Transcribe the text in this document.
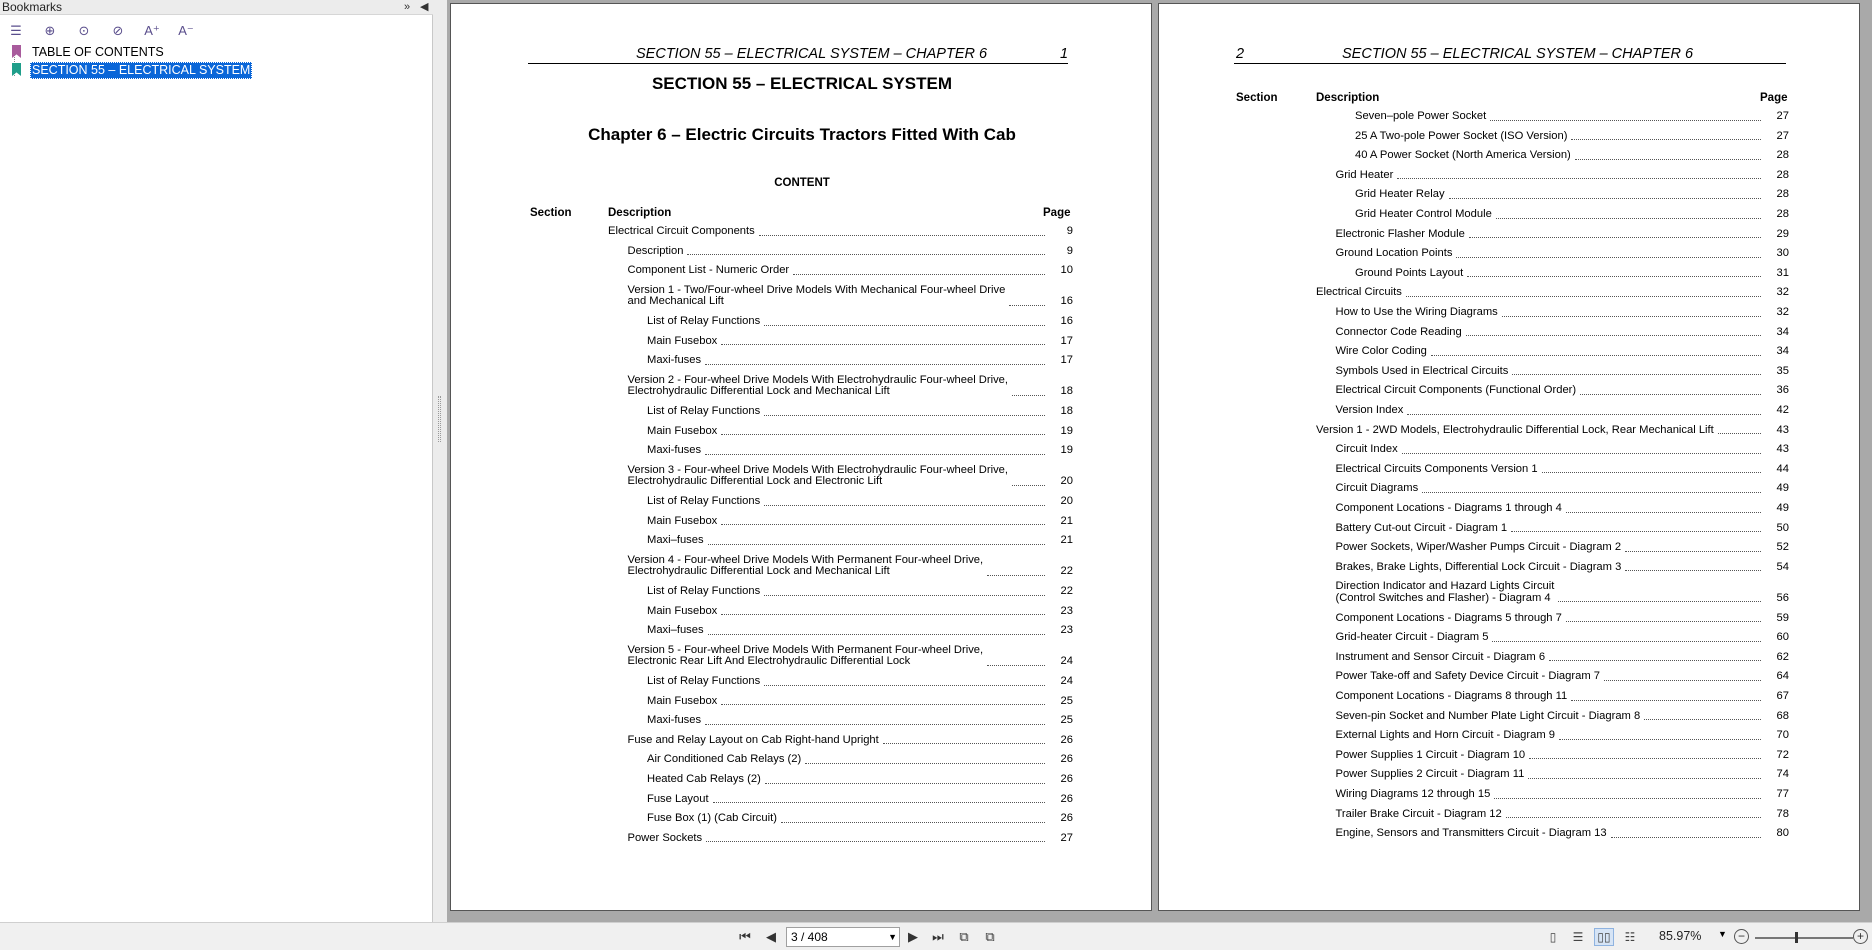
Bookmarks	» ◀
☰	⊕	⊙	⊘	A⁺	A⁻
TABLE OF CONTENTS
SECTION 55 – ELECTRICAL SYSTEM
SECTION 55 – ELECTRICAL SYSTEM – CHAPTER 6	1
SECTION 55 – ELECTRICAL SYSTEM
Chapter 6 – Electric Circuits Tractors Fitted With Cab
CONTENT
Section	Description	Page
Electrical Circuit Components	9
Description	9
Component List - Numeric Order	10
Version 1 - Two/Four-wheel Drive Models With Mechanical Four-wheel Drive
and Mechanical Lift	16
List of Relay Functions	16
Main Fusebox	17
Maxi-fuses	17
Version 2 - Four-wheel Drive Models With Electrohydraulic Four-wheel Drive,
Electrohydraulic Differential Lock and Mechanical Lift	18
List of Relay Functions	18
Main Fusebox	19
Maxi-fuses	19
Version 3 - Four-wheel Drive Models With Electrohydraulic Four-wheel Drive,
Electrohydraulic Differential Lock and Electronic Lift	20
List of Relay Functions	20
Main Fusebox	21
Maxi–fuses	21
Version 4 - Four-wheel Drive Models With Permanent Four-wheel Drive,
Electrohydraulic Differential Lock and Mechanical Lift	22
List of Relay Functions	22
Main Fusebox	23
Maxi–fuses	23
Version 5 - Four-wheel Drive Models With Permanent Four-wheel Drive,
Electronic Rear Lift And Electrohydraulic Differential Lock	24
List of Relay Functions	24
Main Fusebox	25
Maxi-fuses	25
Fuse and Relay Layout on Cab Right-hand Upright	26
Air Conditioned Cab Relays (2)	26
Heated Cab Relays (2)	26
Fuse Layout	26
Fuse Box (1) (Cab Circuit)	26
Power Sockets	27
2	SECTION 55 – ELECTRICAL SYSTEM – CHAPTER 6
Section	Description	Page
Seven–pole Power Socket	27
25 A Two-pole Power Socket (ISO Version)	27
40 A Power Socket (North America Version)	28
Grid Heater	28
Grid Heater Relay	28
Grid Heater Control Module	28
Electronic Flasher Module	29
Ground Location Points	30
Ground Points Layout	31
Electrical Circuits	32
How to Use the Wiring Diagrams	32
Connector Code Reading	34
Wire Color Coding	34
Symbols Used in Electrical Circuits	35
Electrical Circuit Components (Functional Order)	36
Version Index	42
Version 1 - 2WD Models, Electrohydraulic Differential Lock, Rear Mechanical Lift	43
Circuit Index	43
Electrical Circuits Components Version 1	44
Circuit Diagrams	49
Component Locations - Diagrams 1 through 4	49
Battery Cut-out Circuit - Diagram 1	50
Power Sockets, Wiper/Washer Pumps Circuit - Diagram 2	52
Brakes, Brake Lights, Differential Lock Circuit - Diagram 3	54
Direction Indicator and Hazard Lights Circuit
(Control Switches and Flasher) - Diagram 4	56
Component Locations - Diagrams 5 through 7	59
Grid-heater Circuit - Diagram 5	60
Instrument and Sensor Circuit - Diagram 6	62
Power Take-off and Safety Device Circuit - Diagram 7	64
Component Locations - Diagrams 8 through 11	67
Seven-pin Socket and Number Plate Light Circuit - Diagram 8	68
External Lights and Horn Circuit - Diagram 9	70
Power Supplies 1 Circuit - Diagram 10	72
Power Supplies 2 Circuit - Diagram 11	74
Wiring Diagrams 12 through 15	77
Trailer Brake Circuit - Diagram 12	78
Engine, Sensors and Transmitters Circuit - Diagram 13	80
⏮	◀	3 / 408	▼ ▶	⏭	⧉	⧉	▯	☰	▯▯	☷	85.97% ▼ −	+
